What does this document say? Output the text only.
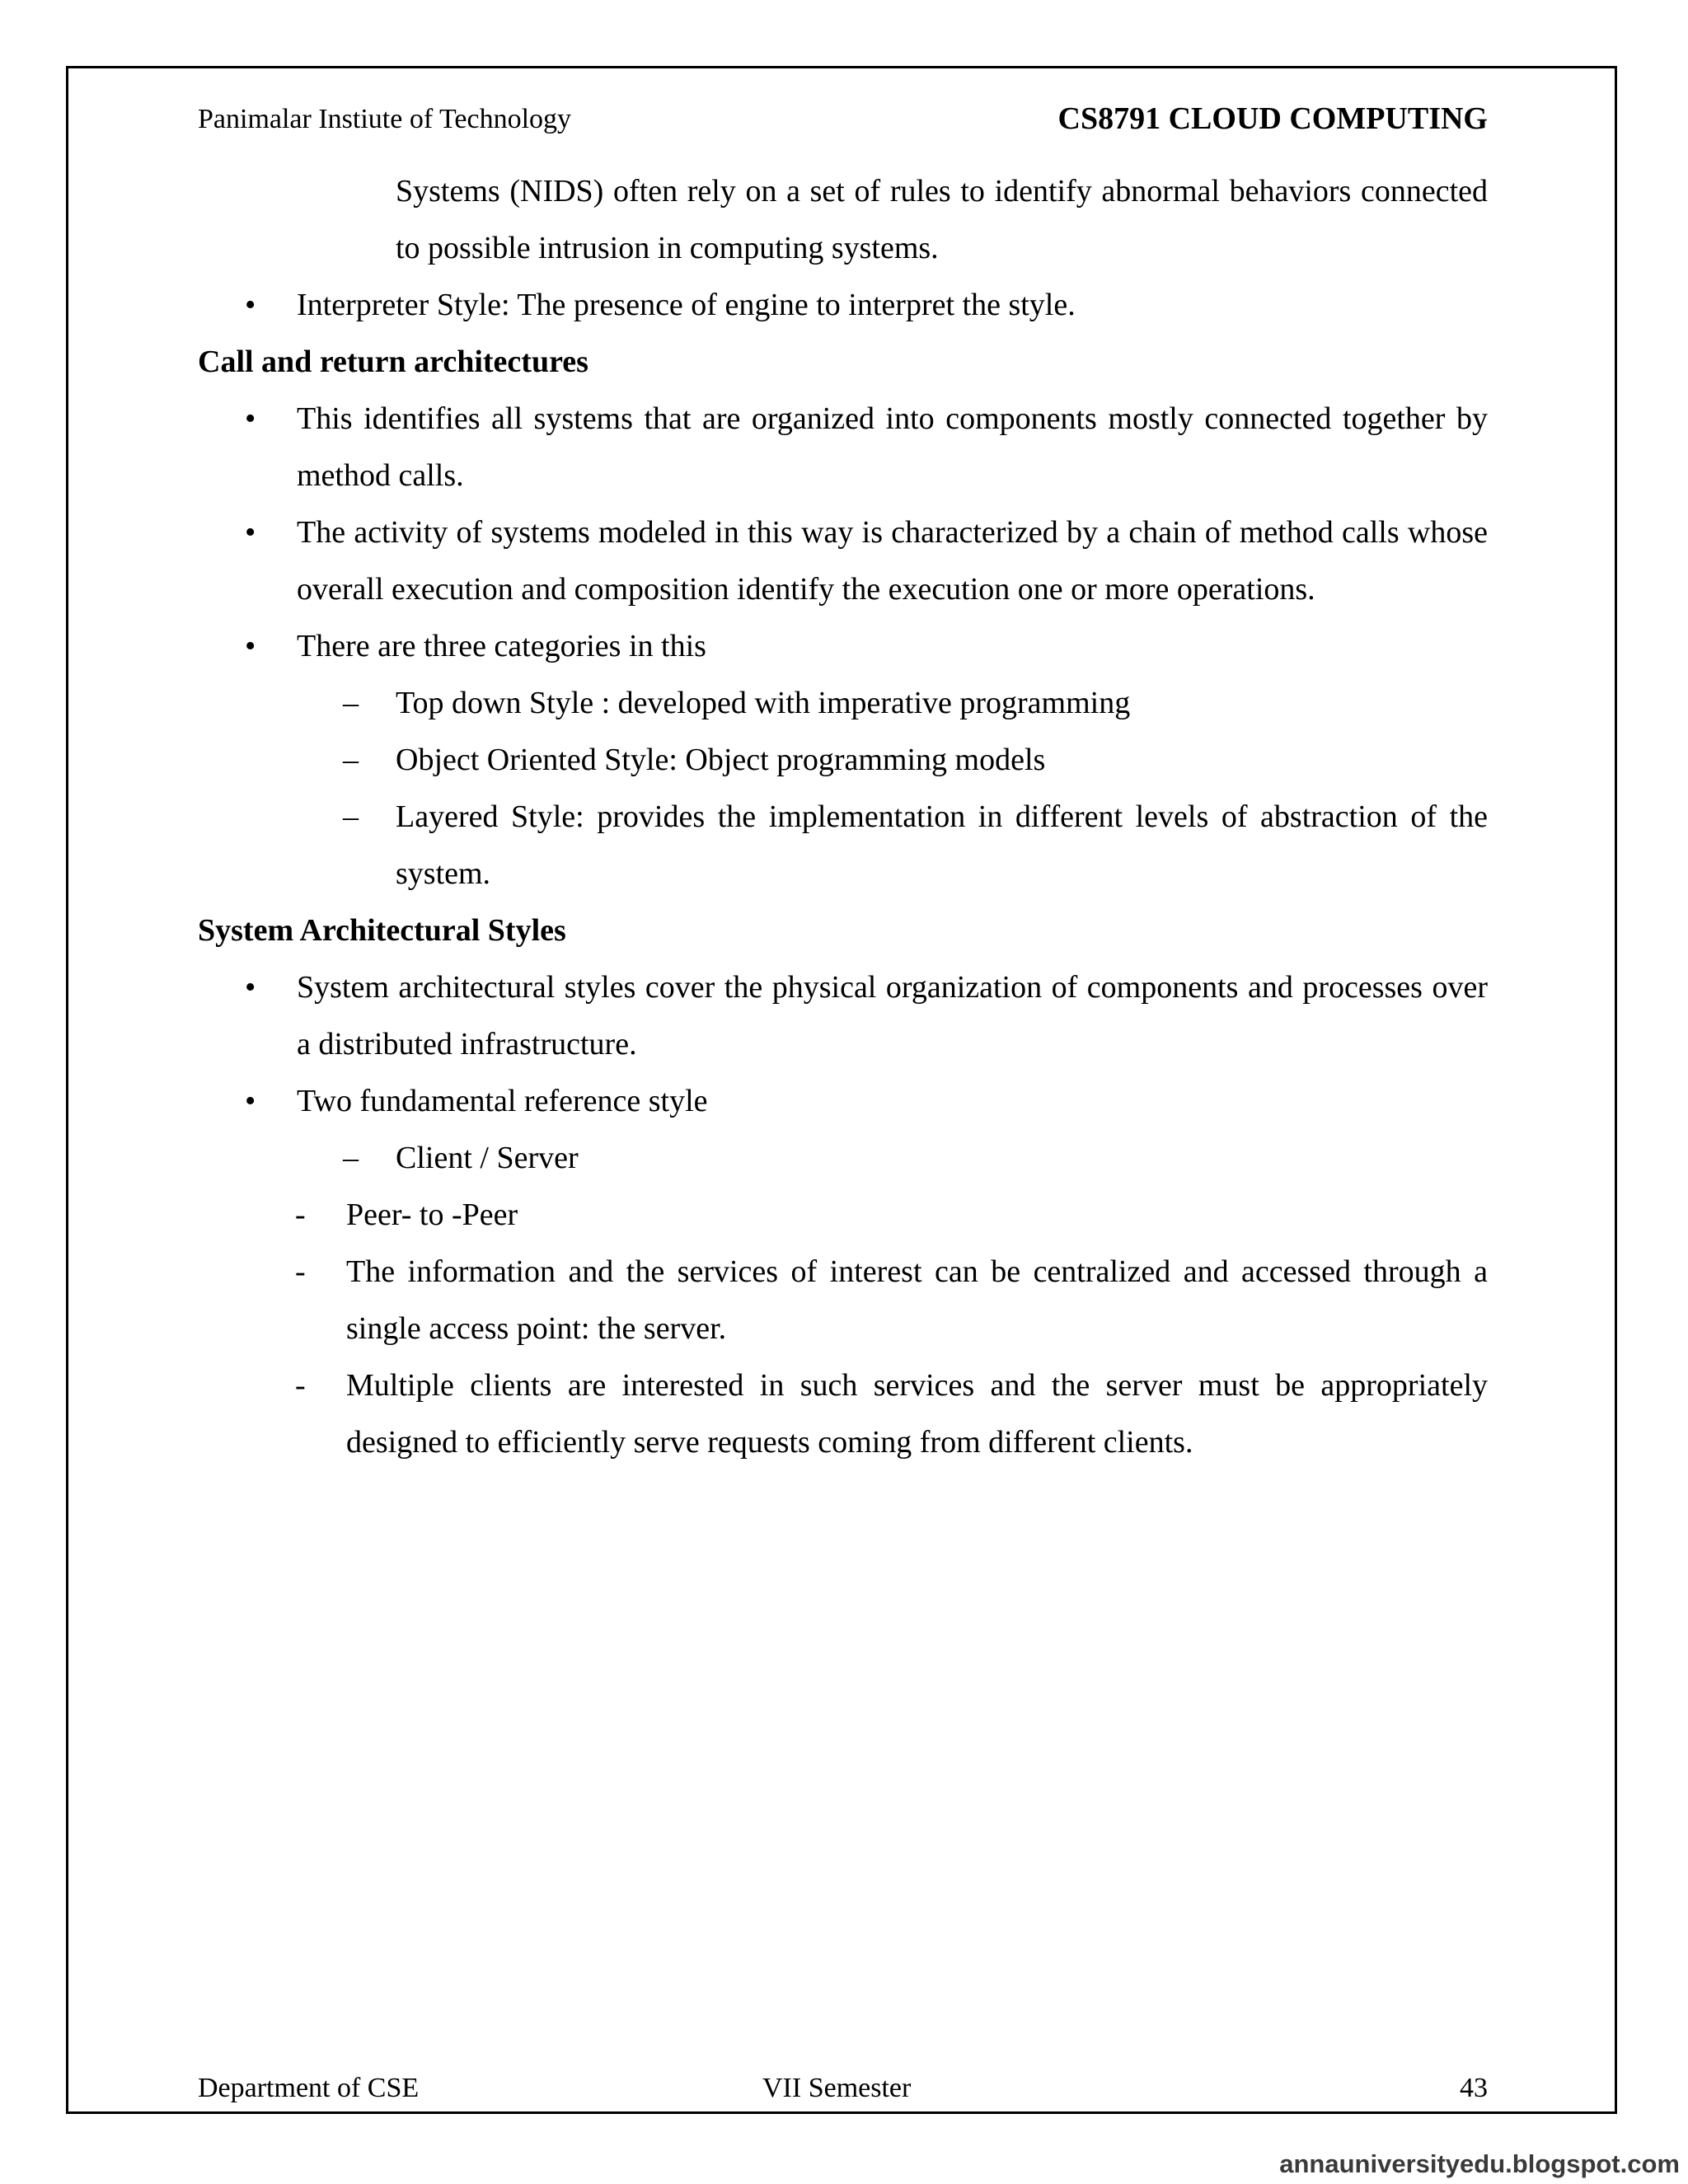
Panimalar Instiute of Technology	CS8791 CLOUD COMPUTING
Systems (NIDS) often rely on a set of rules to identify abnormal behaviors connected to possible intrusion in computing systems.
• Interpreter Style: The presence of engine to interpret the style.
Call and return architectures
• This identifies all systems that are organized into components mostly connected together by method calls.
• The activity of systems modeled in this way is characterized by a chain of method calls whose overall execution and composition identify the execution one or more operations.
• There are three categories in this
– Top down Style : developed with imperative programming
– Object Oriented Style: Object programming models
– Layered Style: provides the implementation in different levels of abstraction of the system.
System Architectural Styles
• System architectural styles cover the physical organization of components and processes over a distributed infrastructure.
• Two fundamental reference style
– Client / Server
- Peer- to -Peer
- The information and the services of interest can be centralized and accessed through a single access point: the server.
- Multiple clients are interested in such services and the server must be appropriately designed to efficiently serve requests coming from different clients.
Department of CSE	VII Semester	43
annauniversityedu.blogspot.com
